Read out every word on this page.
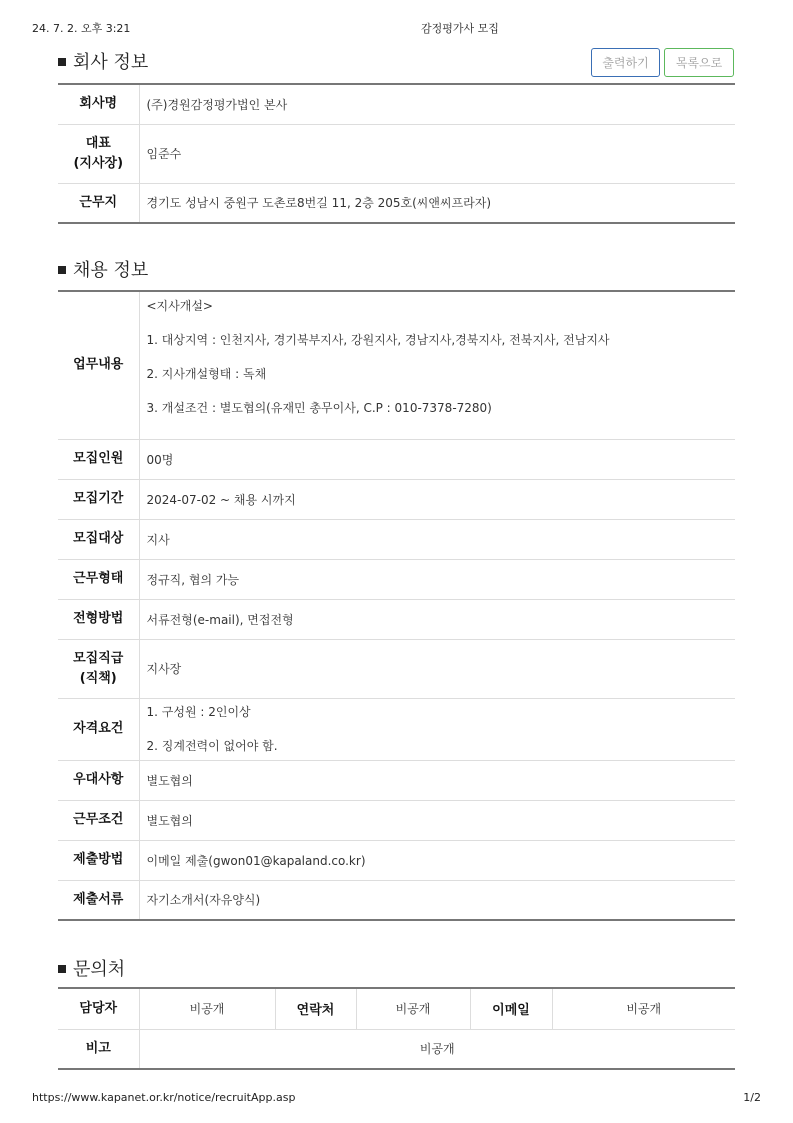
24. 7. 2. 오후 3:21	감정평가사 모집
회사 정보	출력하기	목록으로
회사명	(주)경원감정평가법인 본사

대표
(지사장)	임준수
근무지	경기도 성남시 중원구 도촌로8번길 11, 2층 205호(씨앤씨프라자)
채용 정보
업무내용	<지사개설>

1. 대상지역 : 인천지사, 경기북부지사, 강원지사, 경남지사,경북지사, 전북지사, 전남지사

2. 지사개설형태 : 독채

3. 개설조건 : 별도협의(유재민 총무이사, C.P : 010-7378-7280)

모집인원	00명
모집기간	2024-07-02 ~ 채용 시까지
모집대상	지사
근무형태	정규직, 협의 가능
전형방법	서류전형(e-mail), 면접전형

모집직급
(직책)	지사장
자격요건	1. 구성원 : 2인이상

2. 징계전력이 없어야 함.

우대사항	별도협의
근무조건	별도협의
제출방법	이메일 제출(gwon01@kapaland.co.kr)
제출서류	자기소개서(자유양식)
문의처
담당자	비공개	연락처	비공개	이메일	비공개
비고	비공개				
https://www.kapanet.or.kr/notice/recruitApp.asp	1/2
